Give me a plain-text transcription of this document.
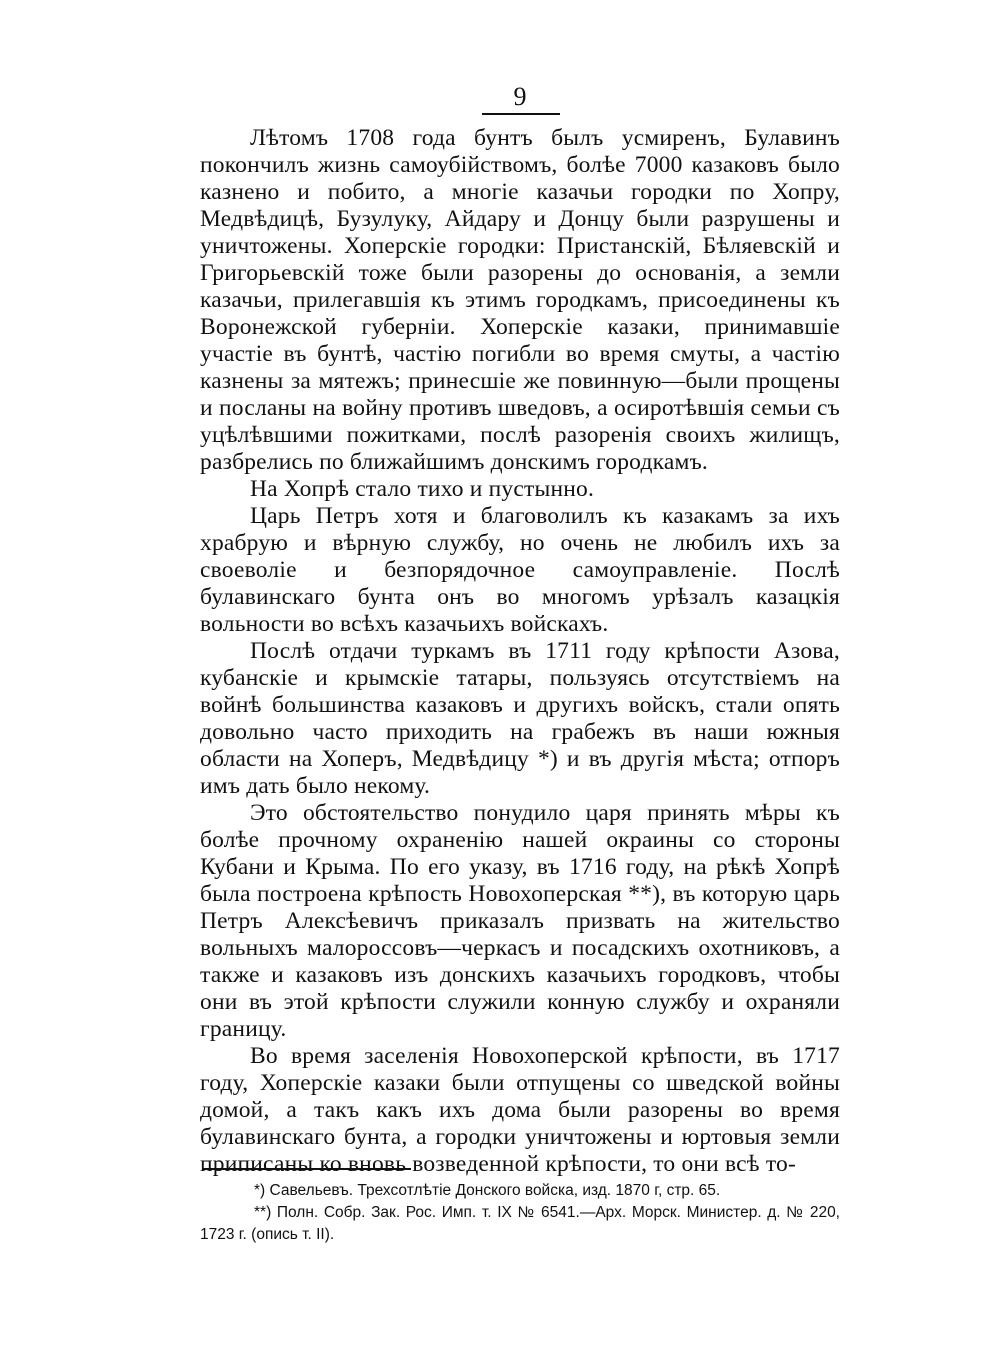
9

Лѣтомъ 1708 года бунтъ былъ усмиренъ, Булавинъ покончилъ жизнь самоубійствомъ, болѣе 7000 казаковъ было казнено и побито, а многіе казачьи городки по Хопру, Медвѣдицѣ, Бузулуку, Айдару и Донцу были разрушены и уничтожены. Хоперскіе городки: Пристанскій, Бѣляевскій и Григорьевскій тоже были разорены до основанія, а земли казачьи, прилегавшія къ этимъ городкамъ, присоединены къ Воронежской губерніи. Хоперскіе казаки, принимавшіе участіе въ бунтѣ, частію погибли во время смуты, а частію казнены за мятежъ; принесшіе же повинную—были прощены и посланы на войну противъ шведовъ, а осиротѣвшія семьи съ уцѣлѣвшими пожитками, послѣ разоренія своихъ жилищъ, разбрелись по ближайшимъ донскимъ городкамъ.

На Хопрѣ стало тихо и пустынно.

Царь Петръ хотя и благоволилъ къ казакамъ за ихъ храбрую и вѣрную службу, но очень не любилъ ихъ за своеволіе и безпорядочное самоуправленіе. Послѣ булавинскаго бунта онъ во многомъ урѣзалъ казацкія вольности во всѣхъ казачьихъ войскахъ.

Послѣ отдачи туркамъ въ 1711 году крѣпости Азова, кубанскіе и крымскіе татары, пользуясь отсутствіемъ на войнѣ большинства казаковъ и другихъ войскъ, стали опять довольно часто приходить на грабежъ въ наши южныя области на Хоперъ, Медвѣдицу *) и въ другія мѣста; отпоръ имъ дать было некому.

Это обстоятельство понудило царя принять мѣры къ болѣе прочному охраненію нашей окраины со стороны Кубани и Крыма. По его указу, въ 1716 году, на рѣкѣ Хопрѣ была построена крѣпость Новохоперская **), въ которую царь Петръ Алексѣевичъ приказалъ призвать на жительство вольныхъ малороссовъ—черкасъ и посадскихъ охотниковъ, а также и казаковъ изъ донскихъ казачьихъ городковъ, чтобы они въ этой крѣпости служили конную службу и охраняли границу.

Во время заселенія Новохоперской крѣпости, въ 1717 году, Хоперскіе казаки были отпущены со шведской войны домой, а такъ какъ ихъ дома были разорены во время булавинскаго бунта, а городки уничтожены и юртовыя земли приписаны ко вновь возведенной крѣпости, то они всѣ то-

*) Савельевъ. Трехсотлѣтіе Донского войска, изд. 1870 г, стр. 65.

**) Полн. Собр. Зак. Рос. Имп. т. IX № 6541.—Арх. Морск. Министер. д. № 220, 1723 г. (опись т. II).
